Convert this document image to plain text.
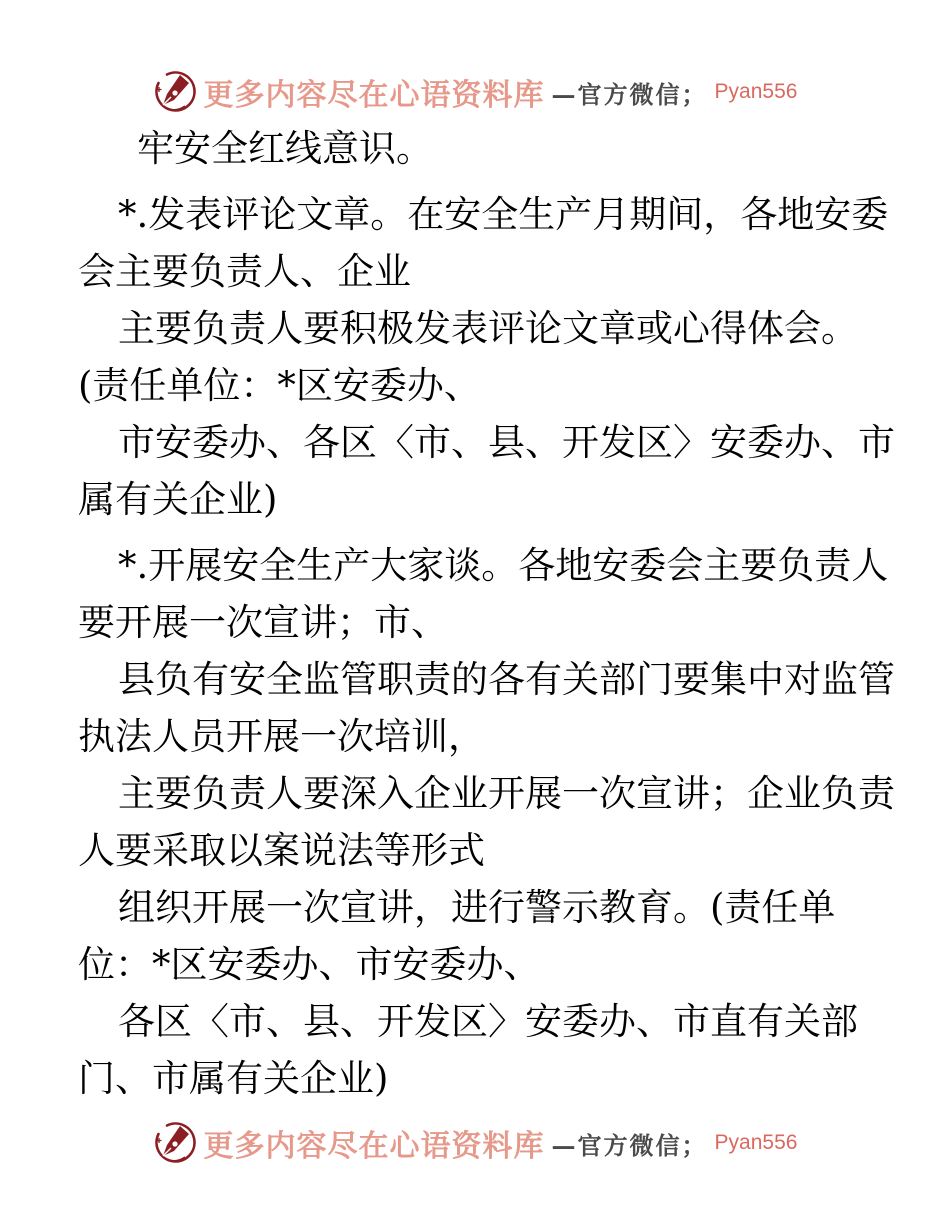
更多内容尽在心语资料库 —官方微信； Pyan556
牢安全红线意识。
*.发表评论文章。在安全生产月期间，各地安委
会主要负责人、企业
主要负责人要积极发表评论文章或心得体会。
(责任单位：*区安委办、
市安委办、各区〈市、县、开发区〉安委办、市
属有关企业)
*.开展安全生产大家谈。各地安委会主要负责人
要开展一次宣讲；市、
县负有安全监管职责的各有关部门要集中对监管
执法人员开展一次培训，
主要负责人要深入企业开展一次宣讲；企业负责
人要采取以案说法等形式
组织开展一次宣讲，进行警示教育。(责任单
位：*区安委办、市安委办、
各区〈市、县、开发区〉安委办、市直有关部
门、市属有关企业)
更多内容尽在心语资料库 —官方微信； Pyan556
